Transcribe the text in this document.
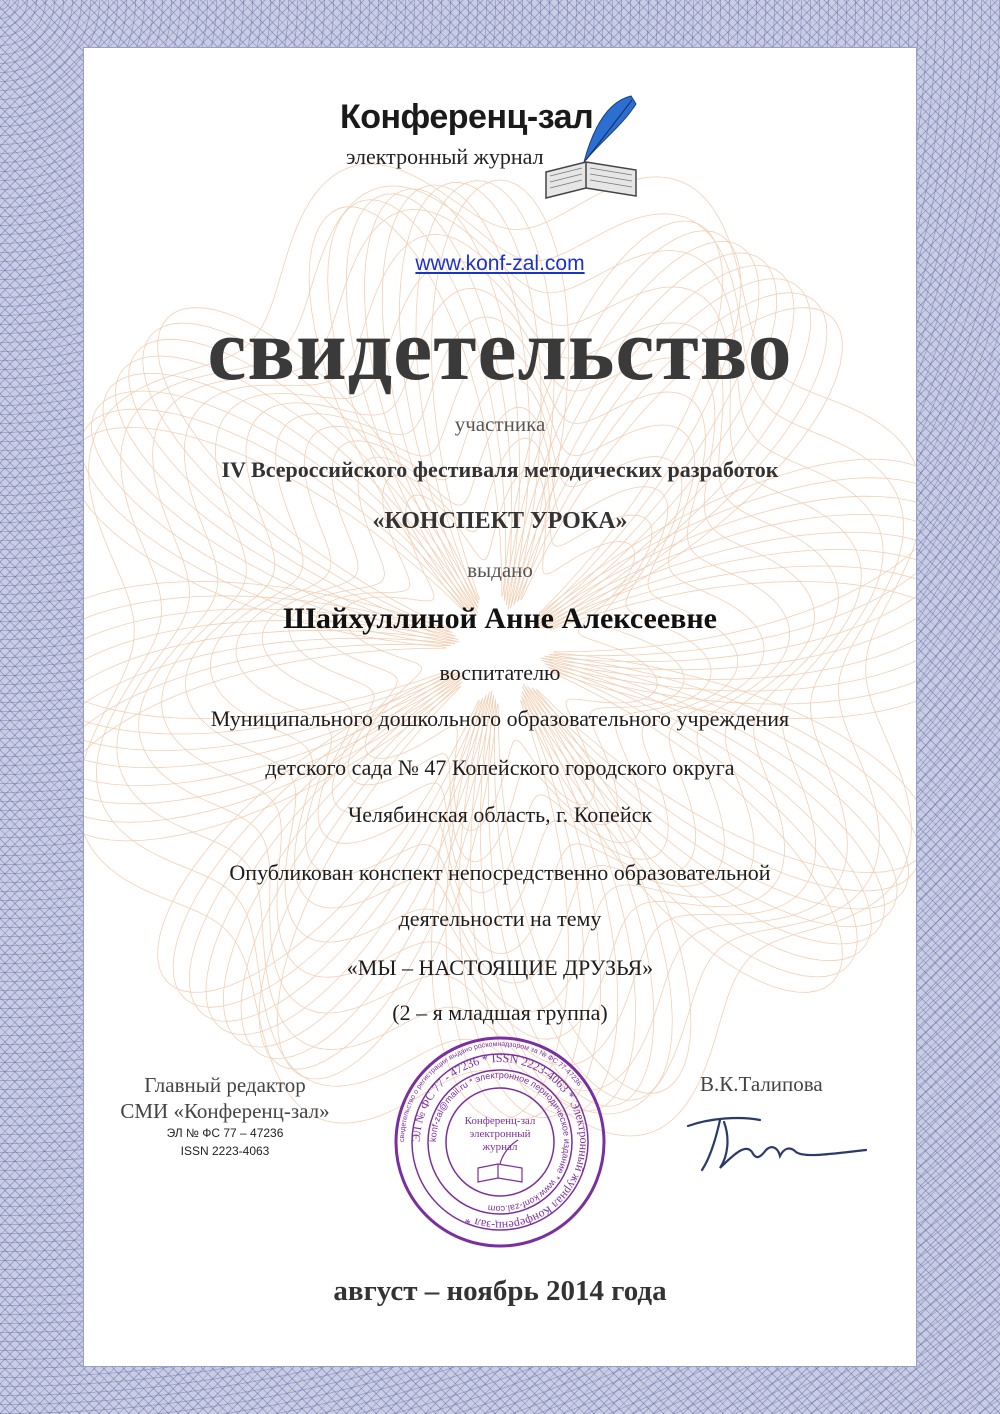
Конференц-зал
электронный журнал
www.konf-zal.com
свидетельство
участника
IV Всероссийского фестиваля методических разработок
«КОНСПЕКТ УРОКА»
выдано
Шайхуллиной Анне Алексеевне
воспитателю
Муниципального дошкольного образовательного учреждения
детского сада № 47 Копейского городского округа
Челябинская область, г. Копейск
Опубликован конспект непосредственно образовательной
деятельности на тему
«МЫ – НАСТОЯЩИЕ ДРУЗЬЯ»
(2 – я младшая группа)
Главный редактор
СМИ «Конференц-зал»
ЭЛ № ФС 77 – 47236
ISSN 2223-4063
В.К.Талипова
свидетельство о регистрации выдано роскомнадзором за № ФС 77-47236
ЭЛ № ФС 77 - 47236 * ISSN 2223-4063 * Электронный журнал Конференц-зал *
konf-zal@mail.ru * электронное периодическое издание * www.konf-zal.com
Конференц-зал
электронный
журнал
август – ноябрь 2014 года
